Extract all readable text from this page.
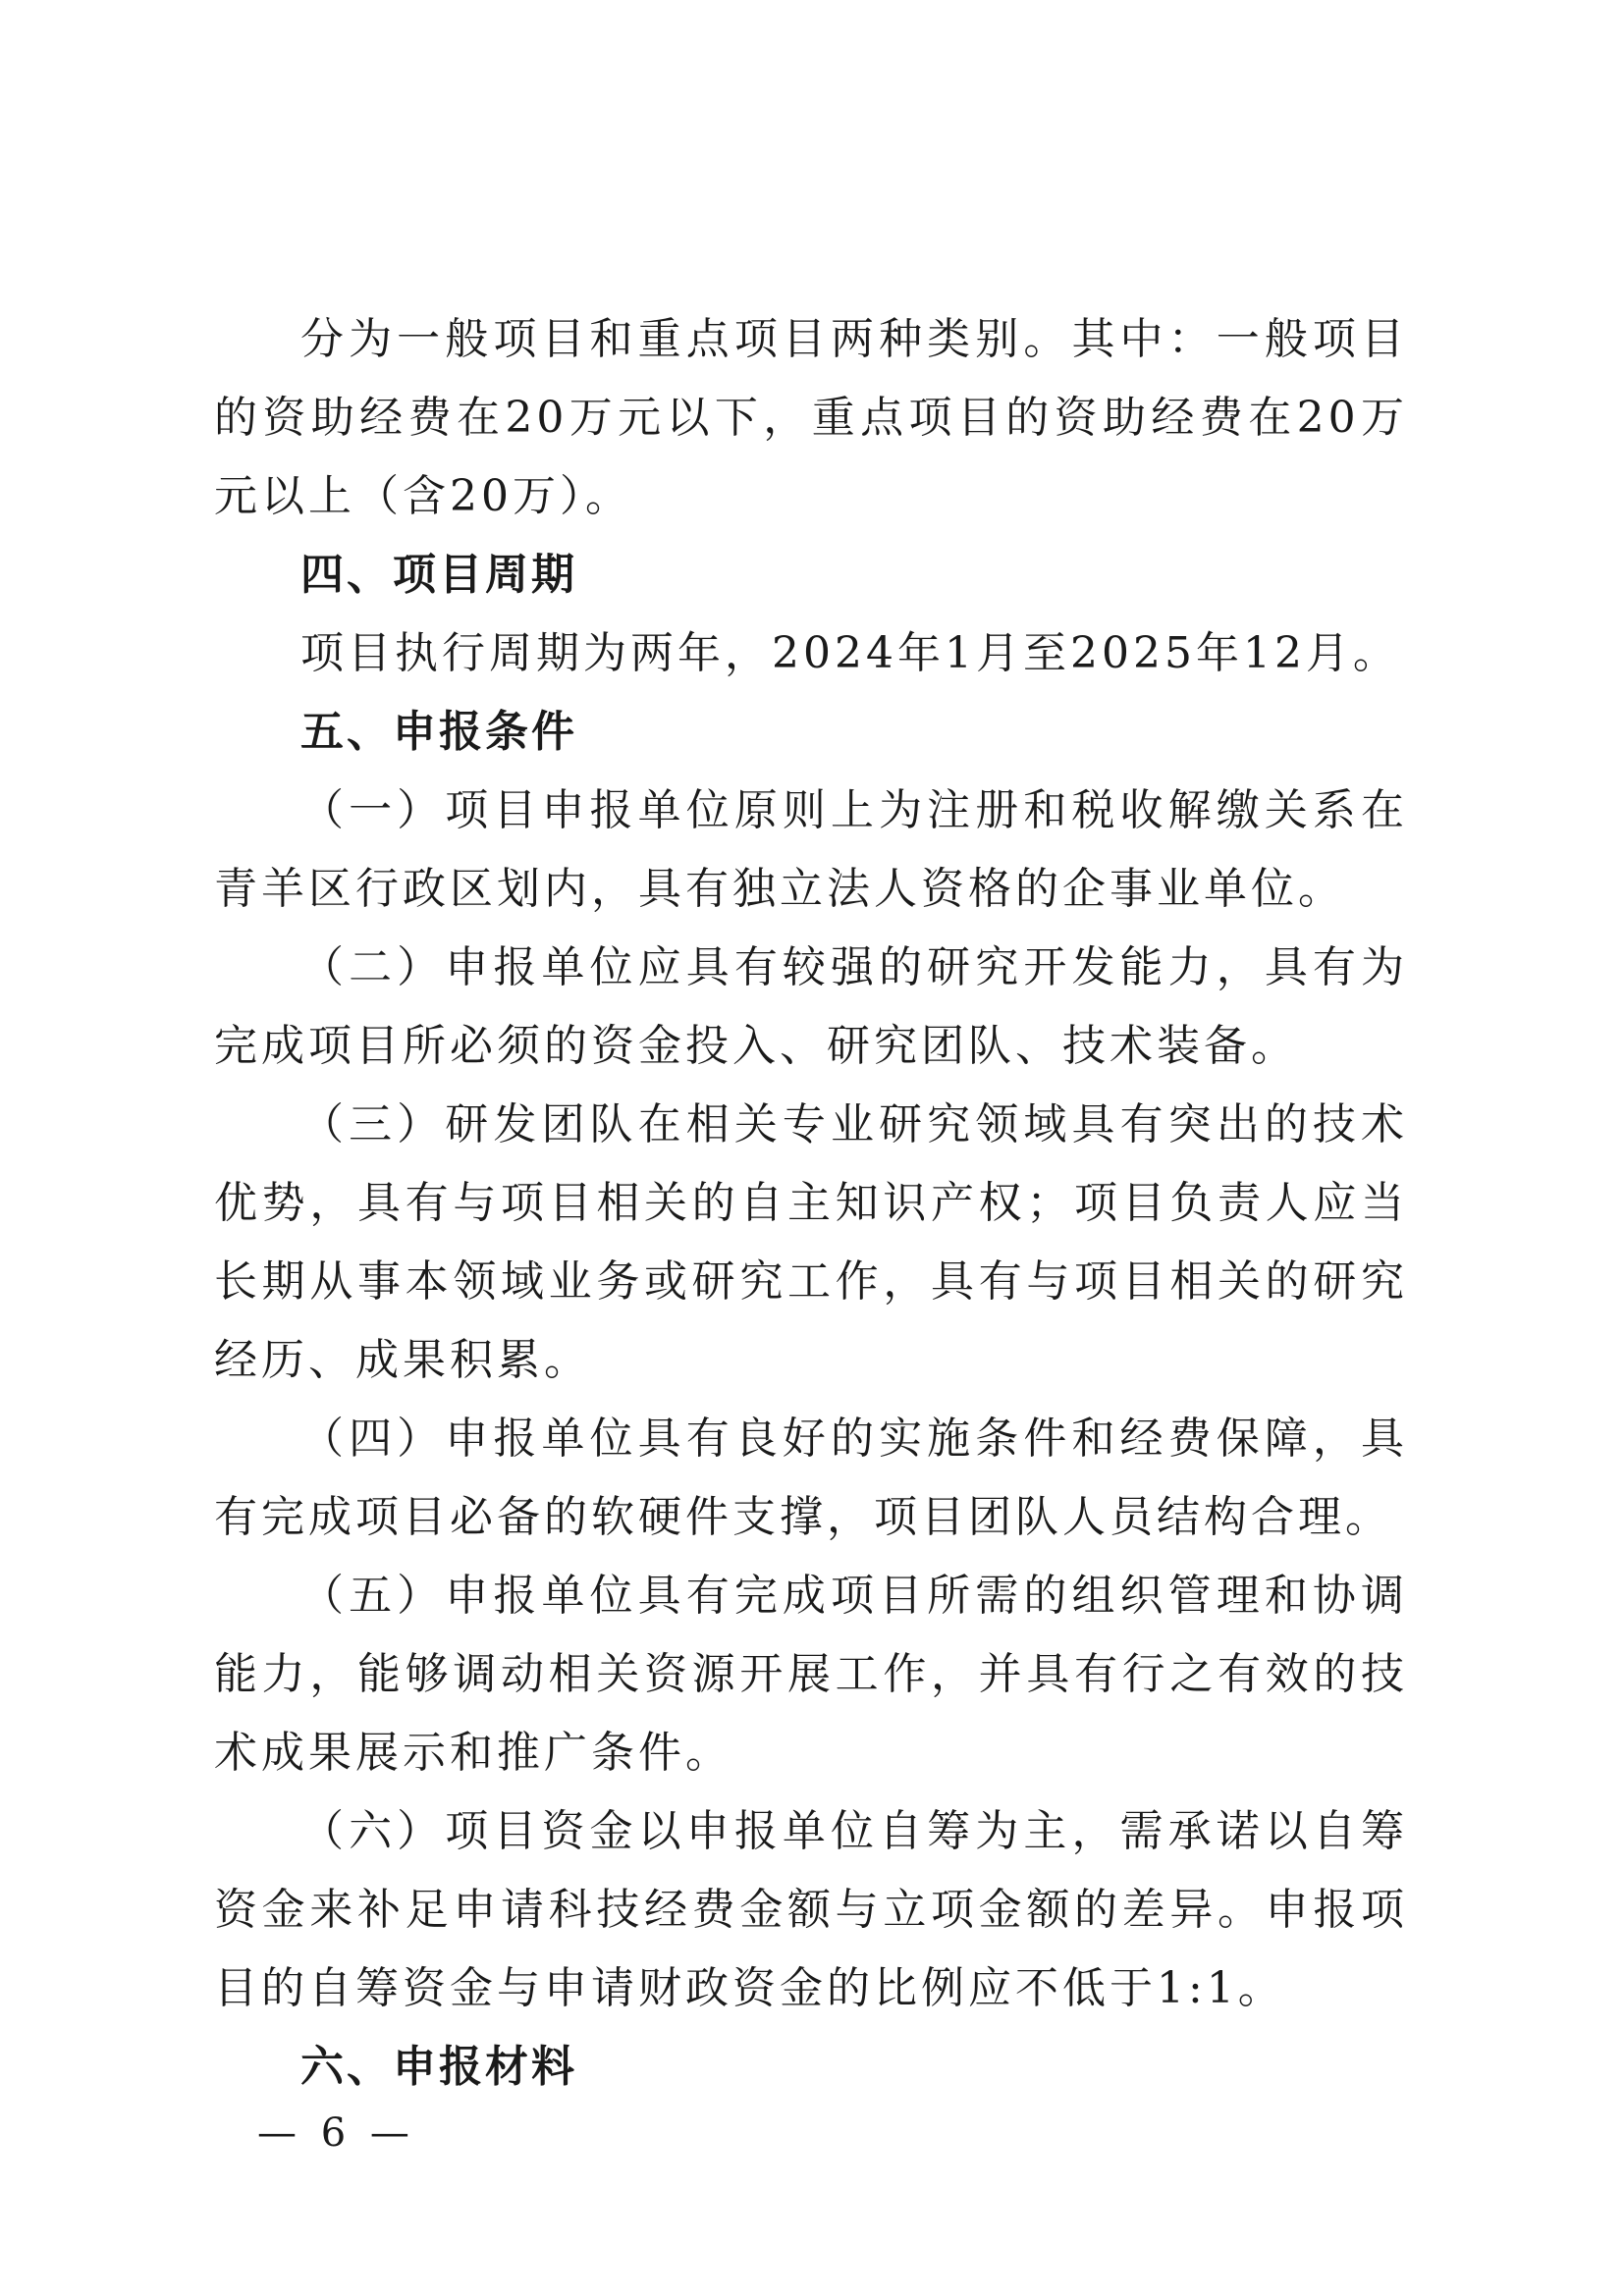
分为一般项目和重点项目两种类别。其中：一般项目的资助经费在20万元以下，重点项目的资助经费在20万元以上（含20万）。

四、项目周期

项目执行周期为两年，2024年1月至2025年12月。

五、申报条件

（一）项目申报单位原则上为注册和税收解缴关系在青羊区行政区划内，具有独立法人资格的企事业单位。

（二）申报单位应具有较强的研究开发能力，具有为完成项目所必须的资金投入、研究团队、技术装备。

（三）研发团队在相关专业研究领域具有突出的技术优势，具有与项目相关的自主知识产权；项目负责人应当长期从事本领域业务或研究工作，具有与项目相关的研究经历、成果积累。

（四）申报单位具有良好的实施条件和经费保障，具有完成项目必备的软硬件支撑，项目团队人员结构合理。

（五）申报单位具有完成项目所需的组织管理和协调能力，能够调动相关资源开展工作，并具有行之有效的技术成果展示和推广条件。

（六）项目资金以申报单位自筹为主，需承诺以自筹资金来补足申请科技经费金额与立项金额的差异。申报项目的自筹资金与申请财政资金的比例应不低于1:1。

六、申报材料

— 6 —
